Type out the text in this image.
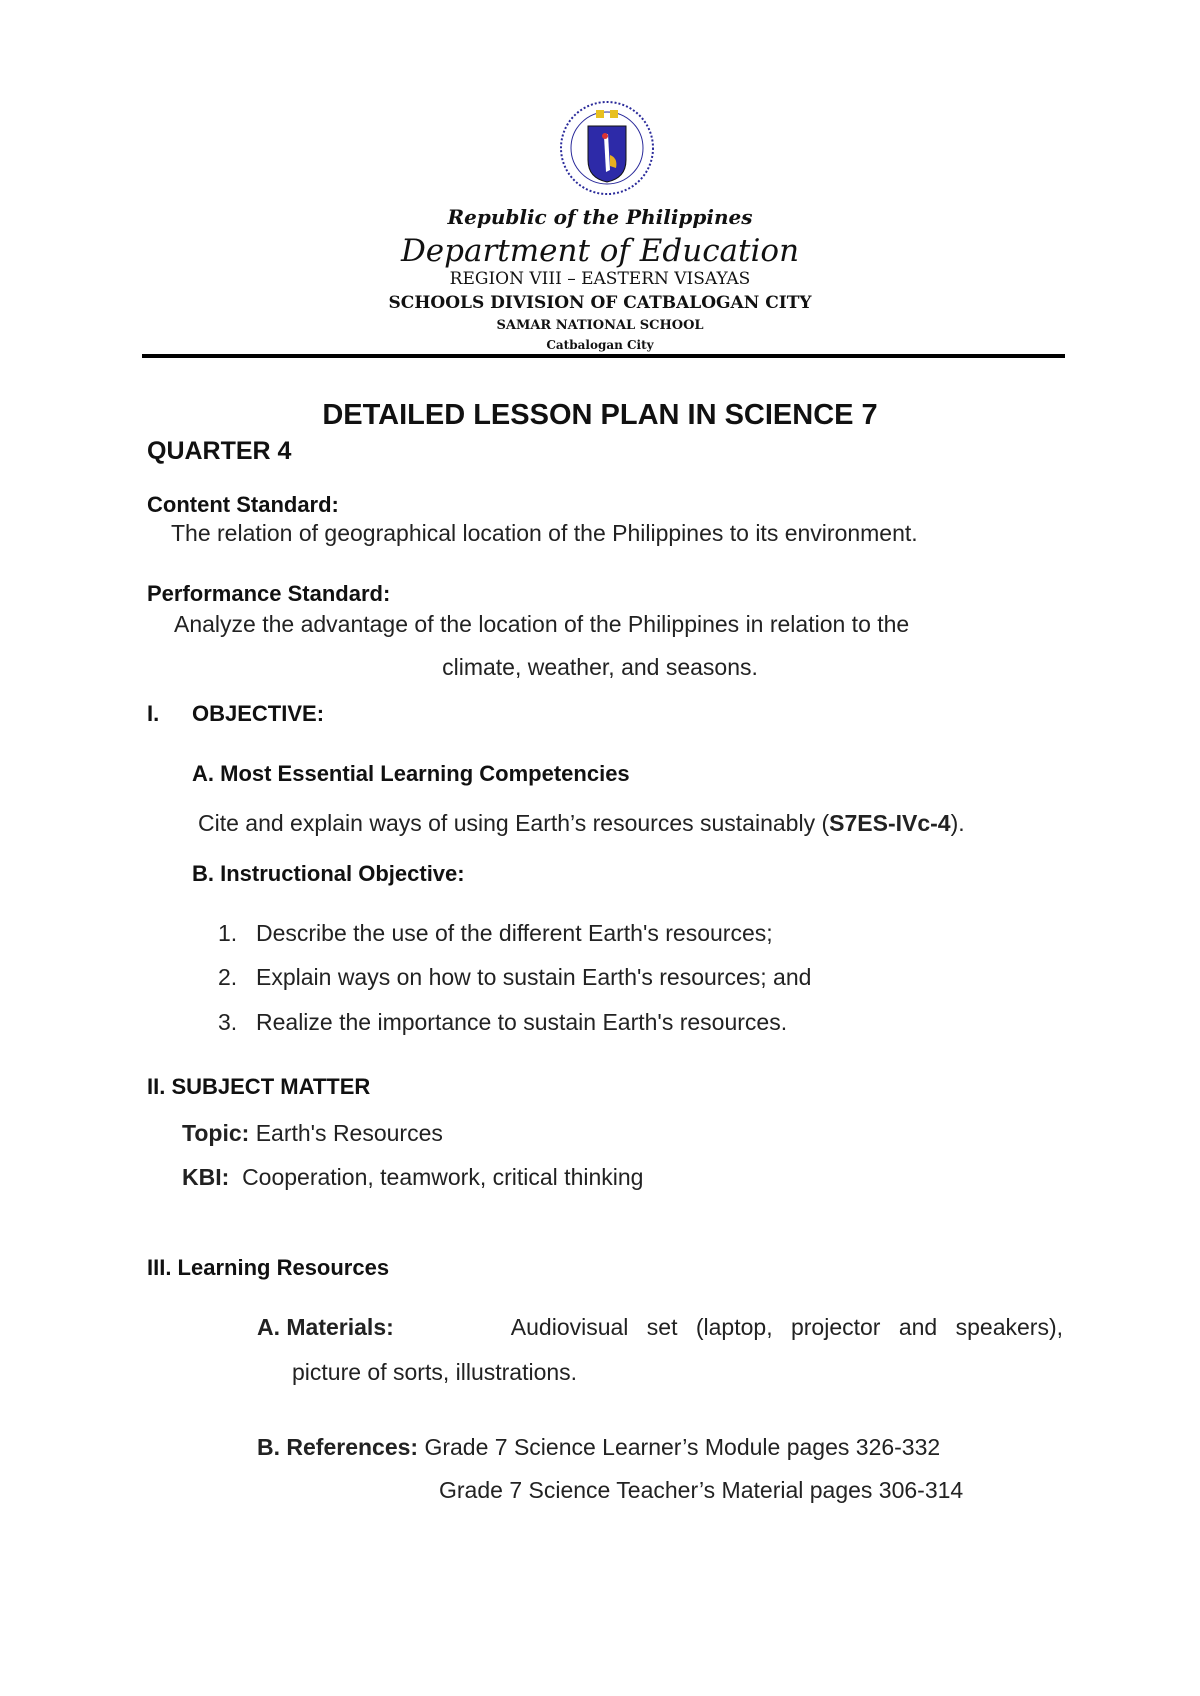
Republic of the Philippines
Department of Education
REGION VIII – EASTERN VISAYAS
SCHOOLS DIVISION OF CATBALOGAN CITY
SAMAR NATIONAL SCHOOL
Catbalogan City
DETAILED LESSON PLAN IN SCIENCE 7
QUARTER 4
Content Standard:
The relation of geographical location of the Philippines to its environment.
Performance Standard:
Analyze the advantage of the location of the Philippines in relation to the
climate, weather, and seasons.
I. OBJECTIVE:
A. Most Essential Learning Competencies
Cite and explain ways of using Earth’s resources sustainably (S7ES-IVc-4).
B. Instructional Objective:
1. Describe the use of the different Earth's resources;
2. Explain ways on how to sustain Earth's resources; and
3. Realize the importance to sustain Earth's resources.
II. SUBJECT MATTER
Topic: Earth's Resources
KBI: Cooperation, teamwork, critical thinking
III. Learning Resources
A. Materials:	Audiovisual set (laptop, projector and speakers),
picture of sorts, illustrations.
B. References: Grade 7 Science Learner’s Module pages 326-332
Grade 7 Science Teacher’s Material pages 306-314
